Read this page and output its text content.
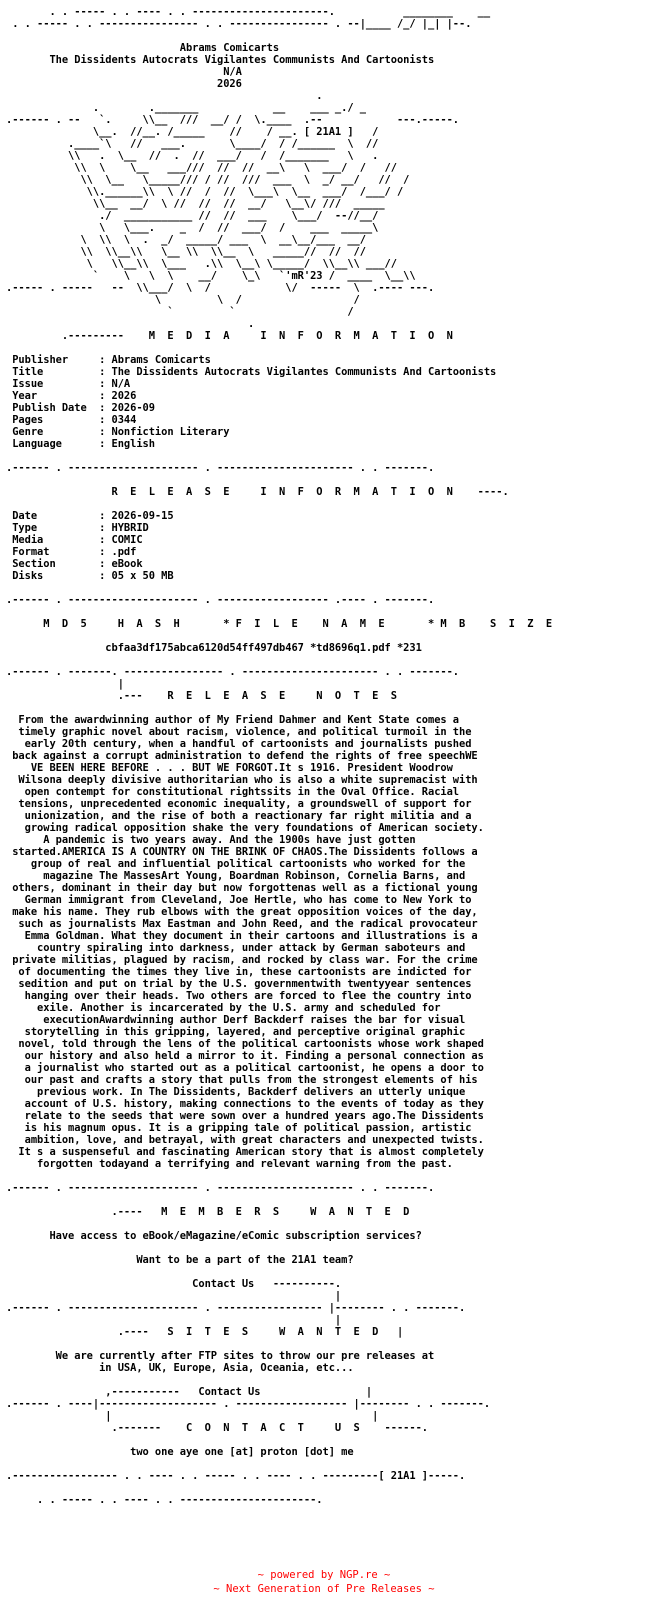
. . ----- . . ---- . . ----------------------.           ________    __
. . ----- . . ---------------- . . ---------------- . --|____ /_/ |_| |--.

Abrams Comicarts
The Dissidents Autocrats Vigilantes Communists And Cartoonists
N/A
2026
.
.        ._______            __    ___ _./ _
.------ . --   `.     \\__  ///  __/ /  \.____  .--            ---.-----.
\__.  //__. /_____    //    / __. [ 21A1 ]   /
.____`\   //   ___.       \____/  / /______  \  //
\\   .  \__  //  .  //  ___/   /  /_______   \   .
\\  \    \__   ___///  //  //  __\   \  ___/  /   //
\\  \__   \_____/// / //  ///  ___  \  _/ __/   //  /
\\.______\\  \ //  /  //  \___\  \__  ___/  /___/ /
\\__  __/  \ //  //  //  __/   \__\/ ///  _____
./  ___________ //  //  ___    \___/  --//__/
\   \___.    _  /  //  ___/  /    ___  _____\
\  \\  \  .  _/  _____/ ___  \  __\__/___  __/
\\  \\__\\   \__ \\  \\__  \   _____//  //  //
\   \\__\\  \___   .\\  \__\ \_____/  \\__\\ ___//
`    \   \  \    __/    \_\   `'mR'23 /  ____  \__\\
.----- . -----   --  \\___/  \  /            \/  -----  \  .---- ---.
\         \  /                  /
`         `                  /
.
.---------    M  E  D  I  A     I  N  F  O  R  M  A  T  I  O  N

Publisher     : Abrams Comicarts
Title         : The Dissidents Autocrats Vigilantes Communists And Cartoonists
Issue         : N/A
Year          : 2026
Publish Date  : 2026-09
Pages         : 0344
Genre         : Nonfiction Literary
Language      : English

.------ . --------------------- . ---------------------- . . -------.

R  E  L  E  A  S  E     I  N  F  O  R  M  A  T  I  O  N    ----.

Date          : 2026-09-15
Type          : HYBRID
Media         : COMIC
Format        : .pdf
Section       : eBook
Disks         : 05 x 50 MB

.------ . --------------------- . ------------------ .---- . -------.

M  D  5     H  A  S  H       * F  I  L  E    N  A  M  E       * M  B    S  I  Z  E

cbfaa3df175abca6120d54ff497db467 *td8696q1.pdf *231

.------ . -------. ---------------- . ---------------------- . . -------.
|
.---    R  E  L  E  A  S  E     N  O  T  E  S

From the awardwinning author of My Friend Dahmer and Kent State comes a
timely graphic novel about racism, violence, and political turmoil in the
early 20th century, when a handful of cartoonists and journalists pushed
back against a corrupt administration to defend the rights of free speechWE
VE BEEN HERE BEFORE . . . BUT WE FORGOT.It s 1916. President Woodrow
Wilsona deeply divisive authoritarian who is also a white supremacist with
open contempt for constitutional rightssits in the Oval Office. Racial
tensions, unprecedented economic inequality, a groundswell of support for
unionization, and the rise of both a reactionary far right militia and a
growing radical opposition shake the very foundations of American society.
A pandemic is two years away. And the 1900s have just gotten
started.AMERICA IS A COUNTRY ON THE BRINK OF CHAOS.The Dissidents follows a
group of real and influential political cartoonists who worked for the
magazine The MassesArt Young, Boardman Robinson, Cornelia Barns, and
others, dominant in their day but now forgottenas well as a fictional young
German immigrant from Cleveland, Joe Hertle, who has come to New York to
make his name. They rub elbows with the great opposition voices of the day,
such as journalists Max Eastman and John Reed, and the radical provocateur
Emma Goldman. What they document in their cartoons and illustrations is a
country spiraling into darkness, under attack by German saboteurs and
private militias, plagued by racism, and rocked by class war. For the crime
of documenting the times they live in, these cartoonists are indicted for
sedition and put on trial by the U.S. governmentwith twentyyear sentences
hanging over their heads. Two others are forced to flee the country into
exile. Another is incarcerated by the U.S. army and scheduled for
executionAwardwinning author Derf Backderf raises the bar for visual
storytelling in this gripping, layered, and perceptive original graphic
novel, told through the lens of the political cartoonists whose work shaped
our history and also held a mirror to it. Finding a personal connection as
a journalist who started out as a political cartoonist, he opens a door to
our past and crafts a story that pulls from the strongest elements of his
previous work. In The Dissidents, Backderf delivers an utterly unique
account of U.S. history, making connections to the events of today as they
relate to the seeds that were sown over a hundred years ago.The Dissidents
is his magnum opus. It is a gripping tale of political passion, artistic
ambition, love, and betrayal, with great characters and unexpected twists.
It s a suspenseful and fascinating American story that is almost completely
forgotten todayand a terrifying and relevant warning from the past.

.------ . --------------------- . ---------------------- . . -------.

.----   M  E  M  B  E  R  S     W  A  N  T  E  D

Have access to eBook/eMagazine/eComic subscription services?

Want to be a part of the 21A1 team?

Contact Us   ----------.
|
.------ . --------------------- . ----------------- |-------- . . -------.
|
.----   S  I  T  E  S     W  A  N  T  E  D   |

We are currently after FTP sites to throw our pre releases at
in USA, UK, Europe, Asia, Oceania, etc...

,-----------   Contact Us                 |
.------ . ----|------------------- . ------------------ |-------- . . -------.
|                                          |
.-------    C  O  N  T  A  C  T     U  S    ------.

two one aye one [at] proton [dot] me

.----------------- . . ---- . . ----- . . ---- . . ---------[ 21A1 ]-----.

. . ----- . . ---- . . ----------------------.

~ powered by NGP.re ~
~ Next Generation of Pre Releases ~
